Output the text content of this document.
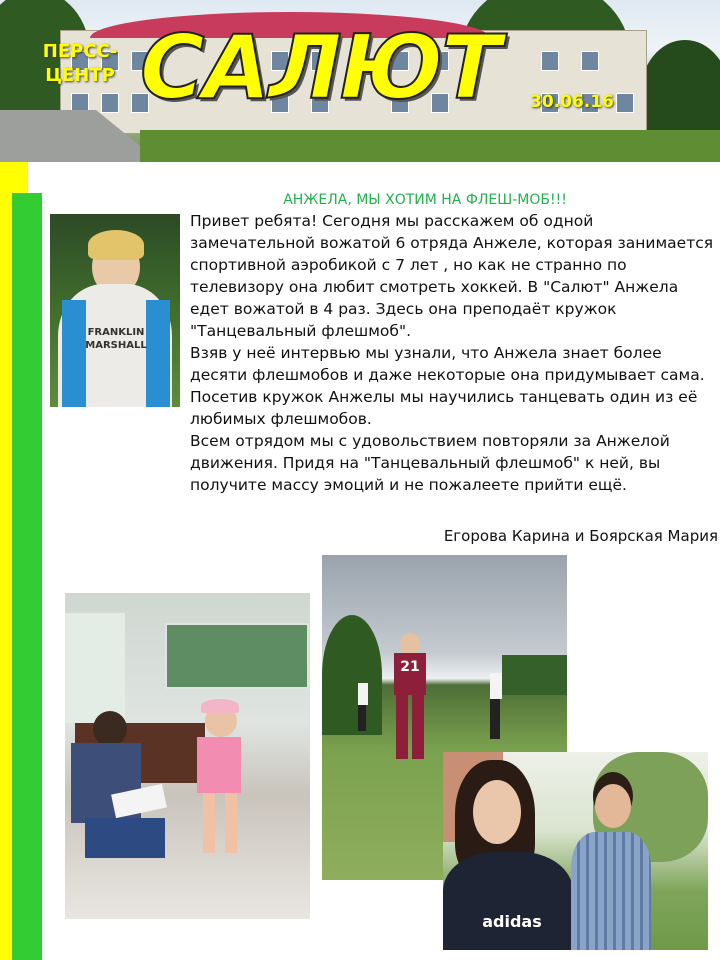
ПЕРСС-
ЦЕНТР САЛЮТ 30.06.16
АНЖЕЛА, МЫ ХОТИМ НА ФЛЕШ-МОБ!!!
Привет ребята! Сегодня мы расскажем об одной замечательной вожатой 6 отряда Анжеле, которая занимается спортивной аэробикой с 7 лет , но как не странно по телевизору она любит смотреть хоккей. В "Салют" Анжела едет вожатой в 4 раз. Здесь она преподаёт кружок "Танцевальный флешмоб".
Взяв у неё интервью мы узнали, что Анжела знает более десяти флешмобов и даже некоторые она придумывает сама. Посетив кружок Анжелы мы научились танцевать один из её любимых флешмобов.
Всем отрядом мы с удовольствием повторяли за Анжелой движения. Придя на "Танцевальный флешмоб" к ней, вы получите массу эмоций и не пожалеете прийти ещё.
Егорова Карина и Боярская Мария
FRANKLIN
MARSHALL
21
adidas
